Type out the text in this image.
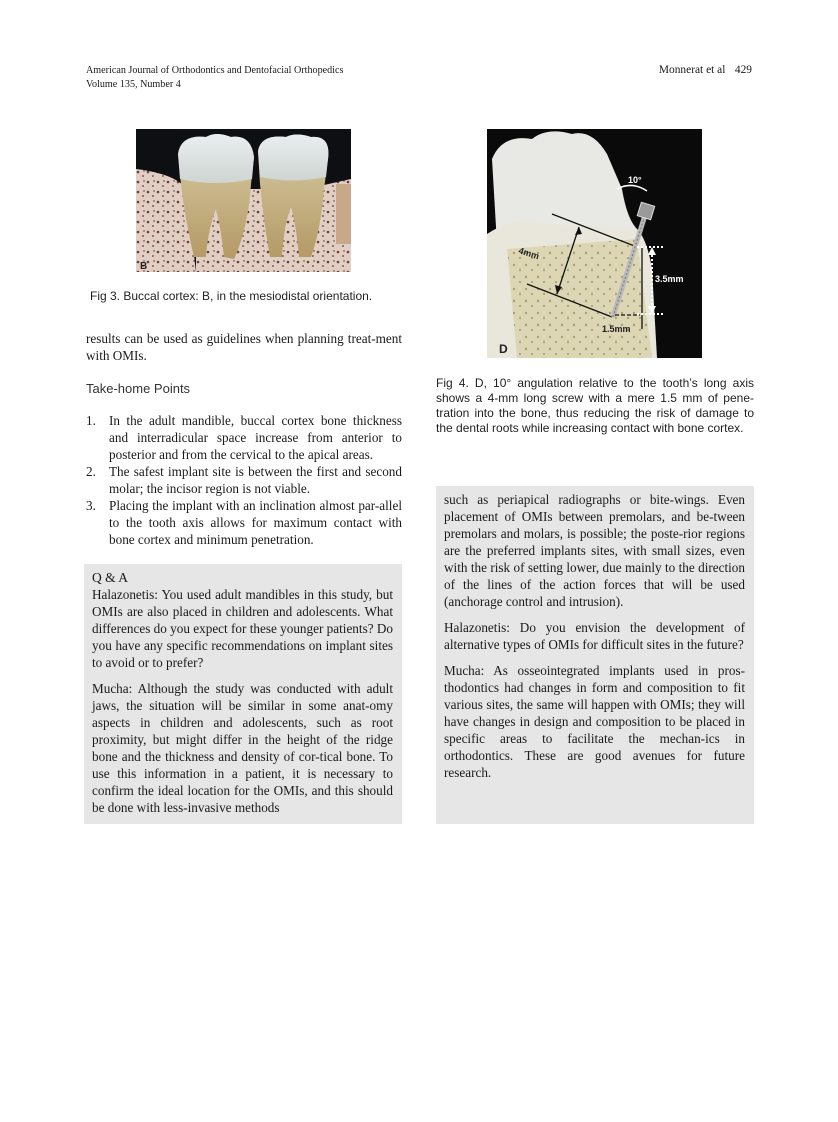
American Journal of Orthodontics and Dentofacial Orthopedics
Volume 135, Number 4
Monnerat et al 429
B
Fig 3. Buccal cortex: B, in the mesiodistal orientation.
10°
4mm
3.5mm
1.5mm
D
Fig 4. D, 10° angulation relative to the tooth’s long axis shows a 4-mm long screw with a mere 1.5 mm of pene-tration into the bone, thus reducing the risk of damage to the dental roots while increasing contact with bone cortex.
results can be used as guidelines when planning treat-ment with OMIs.
Take-home Points
1. In the adult mandible, buccal cortex bone thickness and interradicular space increase from anterior to posterior and from the cervical to the apical areas.
2. The safest implant site is between the first and second molar; the incisor region is not viable.
3. Placing the implant with an inclination almost par-allel to the tooth axis allows for maximum contact with bone cortex and minimum penetration.
Q & A

Halazonetis: You used adult mandibles in this study, but OMIs are also placed in children and adolescents. What differences do you expect for these younger patients? Do you have any specific recommendations on implant sites to avoid or to prefer?

Mucha: Although the study was conducted with adult jaws, the situation will be similar in some anat-omy aspects in children and adolescents, such as root proximity, but might differ in the height of the ridge bone and the thickness and density of cor-tical bone. To use this information in a patient, it is necessary to confirm the ideal location for the OMIs, and this should be done with less-invasive methods

such as periapical radiographs or bite-wings. Even placement of OMIs between premolars, and be-tween premolars and molars, is possible; the poste-rior regions are the preferred implants sites, with small sizes, even with the risk of setting lower, due mainly to the direction of the lines of the action forces that will be used (anchorage control and intrusion).

Halazonetis: Do you envision the development of alternative types of OMIs for difficult sites in the future?

Mucha: As osseointegrated implants used in pros-thodontics had changes in form and composition to fit various sites, the same will happen with OMIs; they will have changes in design and composition to be placed in specific areas to facilitate the mechan-ics in orthodontics. These are good avenues for future research.
